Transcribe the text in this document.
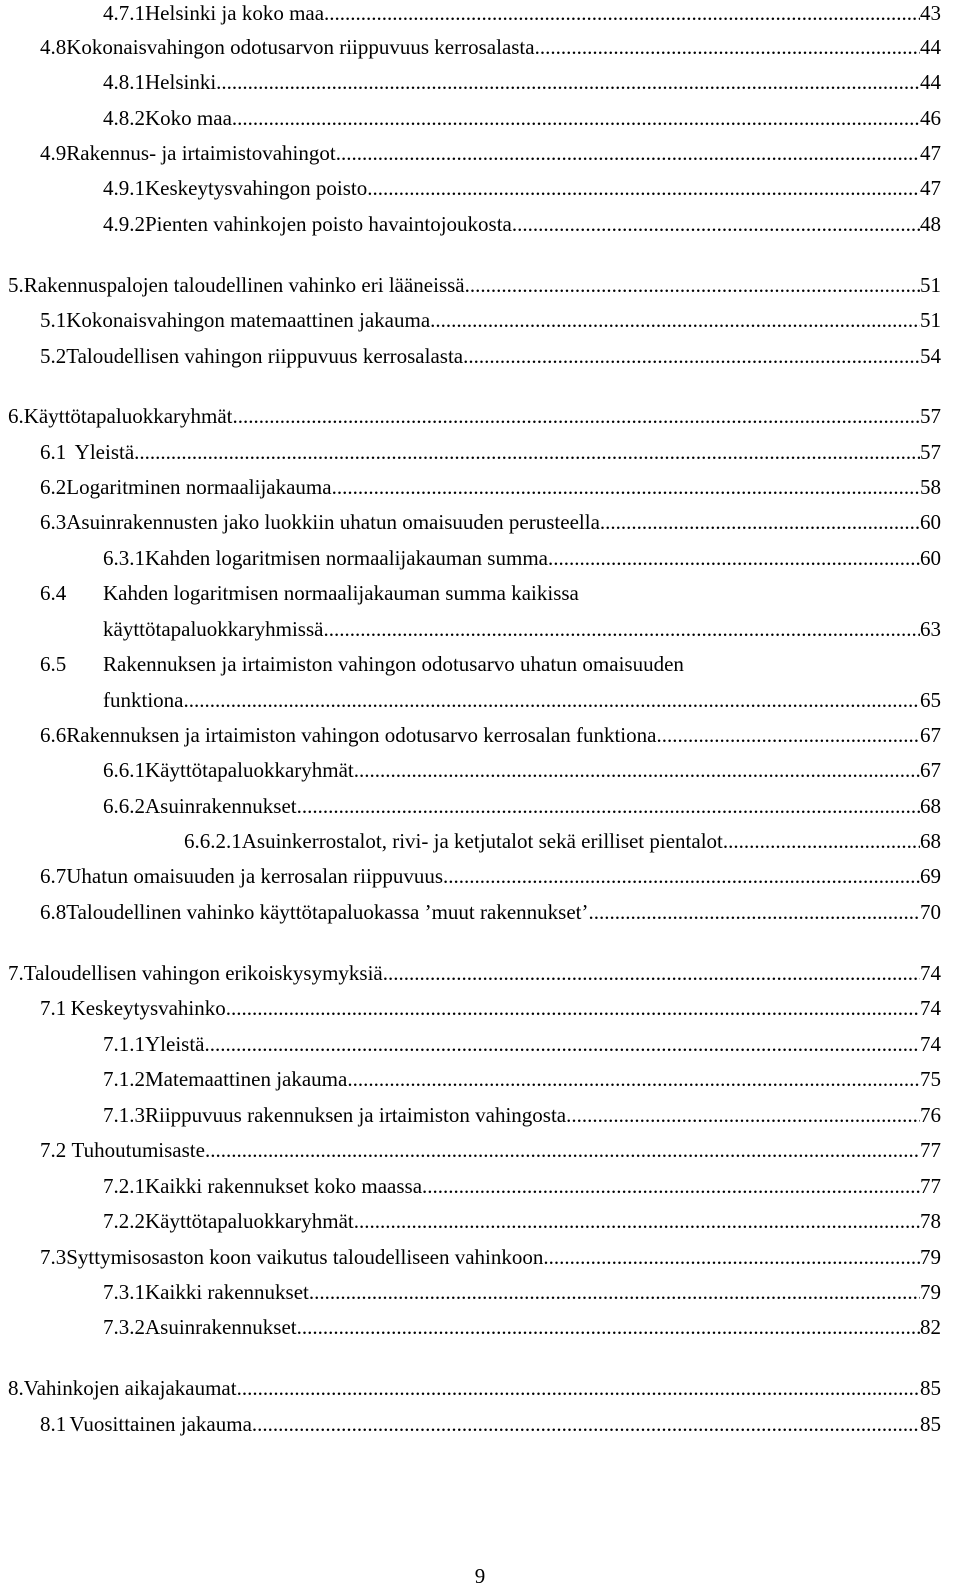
4.7.1 Helsinki ja koko maa .....	43
4.8 Kokonaisvahingon odotusarvon riippuvuus kerrosalasta .....	44
4.8.1 Helsinki .....	44
4.8.2 Koko maa .....	46
4.9 Rakennus- ja irtaimistovahingot .....	47
4.9.1 Keskeytysvahingon poisto .....	47
4.9.2 Pienten vahinkojen poisto havaintojoukosta .....	48
5. Rakennuspalojen taloudellinen vahinko eri lääneissä .....	51
5.1 Kokonaisvahingon matemaattinen jakauma .....	51
5.2 Taloudellisen vahingon riippuvuus kerrosalasta .....	54
6. Käyttötapaluokkaryhmät .....	57
6.1 Yleistä .....	57
6.2 Logaritminen normaalijakauma .....	58
6.3 Asuinrakennusten jako luokkiin uhatun omaisuuden perusteella .....	60
6.3.1 Kahden logaritmisen normaalijakauman summa .....	60
6.4 Kahden logaritmisen normaalijakauman summa kaikissa
käyttötapaluokkaryhmissä .....	63
6.5 Rakennuksen ja irtaimiston vahingon odotusarvo uhatun omaisuuden
funktiona .....	65
6.6 Rakennuksen ja irtaimiston vahingon odotusarvo kerrosalan funktiona .....	67
6.6.1 Käyttötapaluokkaryhmät .....	67
6.6.2 Asuinrakennukset .....	68
6.6.2.1 Asuinkerrostalot, rivi- ja ketjutalot sekä erilliset pientalot .....	68
6.7 Uhatun omaisuuden ja kerrosalan riippuvuus .....	69
6.8 Taloudellinen vahinko käyttötapaluokassa ’muut rakennukset’ .....	70
7. Taloudellisen vahingon erikoiskysymyksiä .....	74
7.1 Keskeytysvahinko .....	74
7.1.1 Yleistä .....	74
7.1.2 Matemaattinen jakauma .....	75
7.1.3 Riippuvuus rakennuksen ja irtaimiston vahingosta .....	76
7.2 Tuhoutumisaste .....	77
7.2.1 Kaikki rakennukset koko maassa .....	77
7.2.2 Käyttötapaluokkaryhmät .....	78
7.3 Syttymisosaston koon vaikutus taloudelliseen vahinkoon .....	79
7.3.1 Kaikki rakennukset .....	79
7.3.2 Asuinrakennukset .....	82
8. Vahinkojen aikajakaumat .....	85
8.1 Vuosittainen jakauma .....	85
9
